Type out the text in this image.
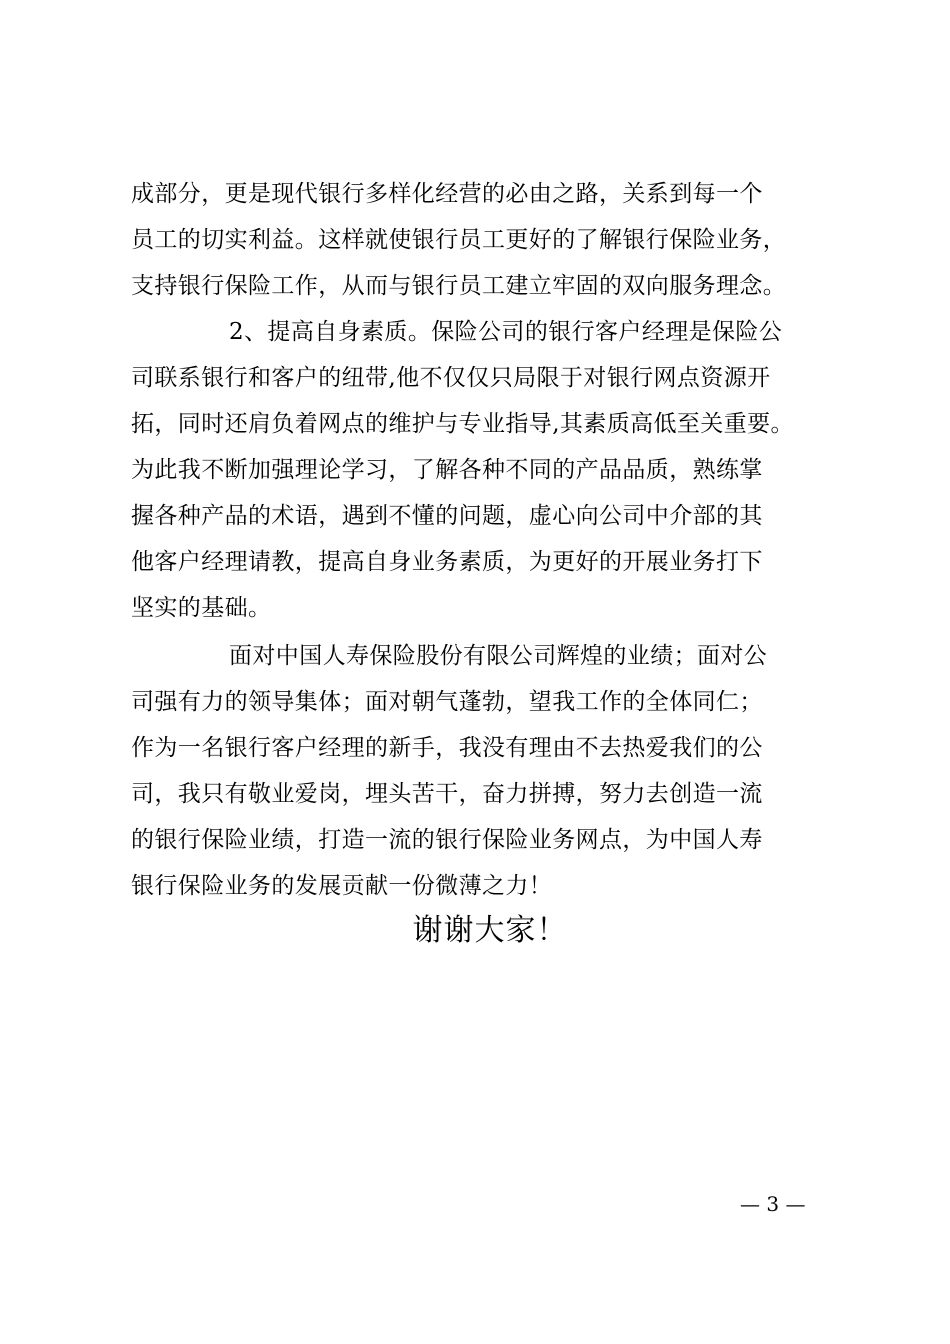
成部分，更是现代银行多样化经营的必由之路，关系到每一个
员工的切实利益。这样就使银行员工更好的了解银行保险业务，
支持银行保险工作，从而与银行员工建立牢固的双向服务理念。
2、提高自身素质。保险公司的银行客户经理是保险公
司联系银行和客户的纽带,他不仅仅只局限于对银行网点资源开
拓，同时还肩负着网点的维护与专业指导,其素质高低至关重要。
为此我不断加强理论学习，了解各种不同的产品品质，熟练掌
握各种产品的术语，遇到不懂的问题，虚心向公司中介部的其
他客户经理请教，提高自身业务素质，为更好的开展业务打下
坚实的基础。
面对中国人寿保险股份有限公司辉煌的业绩；面对公
司强有力的领导集体；面对朝气蓬勃，望我工作的全体同仁；
作为一名银行客户经理的新手，我没有理由不去热爱我们的公
司，我只有敬业爱岗，埋头苦干，奋力拼搏，努力去创造一流
的银行保险业绩，打造一流的银行保险业务网点，为中国人寿
银行保险业务的发展贡献一份微薄之力！
谢谢大家！
— 3 —
